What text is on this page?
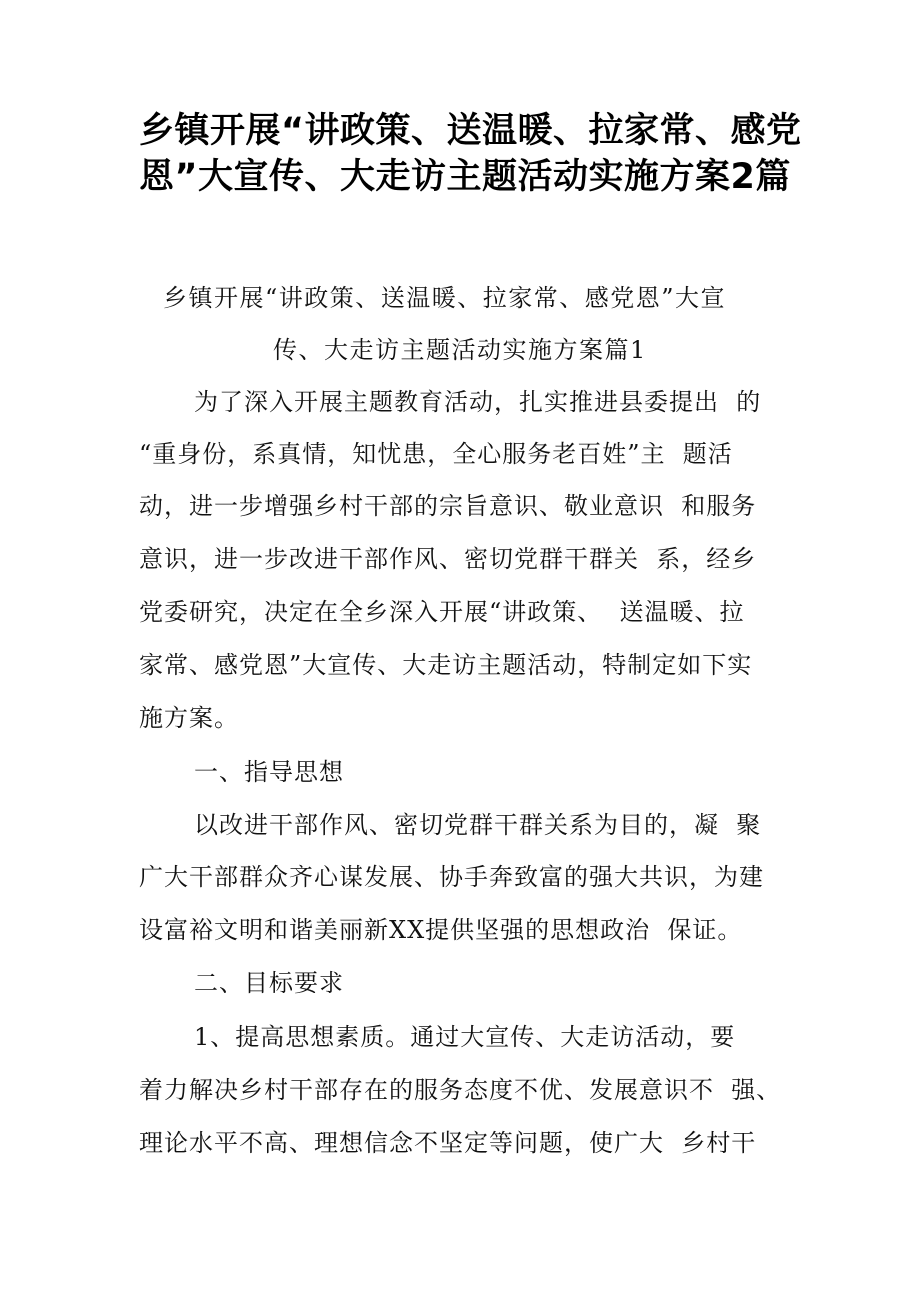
乡镇开展“讲政策、送温暖、拉家常、感党恩”大宣传、大走访主题活动实施方案2篇

乡镇开展“讲政策、送温暖、拉家常、感党恩”大宣

传、大走访主题活动实施方案篇1

为了深入开展主题教育活动，扎实推进县委提出  的

“重身份，系真情，知忧患，全心服务老百姓”主  题活

动，进一步增强乡村干部的宗旨意识、敬业意识  和服务

意识，进一步改进干部作风、密切党群干群关  系，经乡

党委研究，决定在全乡深入开展“讲政策、  送温暖、拉

家常、感党恩”大宣传、大走访主题活动，特制定如下实

施方案。

一、指导思想

以改进干部作风、密切党群干群关系为目的，凝  聚

广大干部群众齐心谋发展、协手奔致富的强大共识，为建

设富裕文明和谐美丽新XX提供坚强的思想政治  保证。

二、目标要求

1、提高思想素质。通过大宣传、大走访活动，要

着力解决乡村干部存在的服务态度不优、发展意识不  强、

理论水平不高、理想信念不坚定等问题，使广大  乡村干
